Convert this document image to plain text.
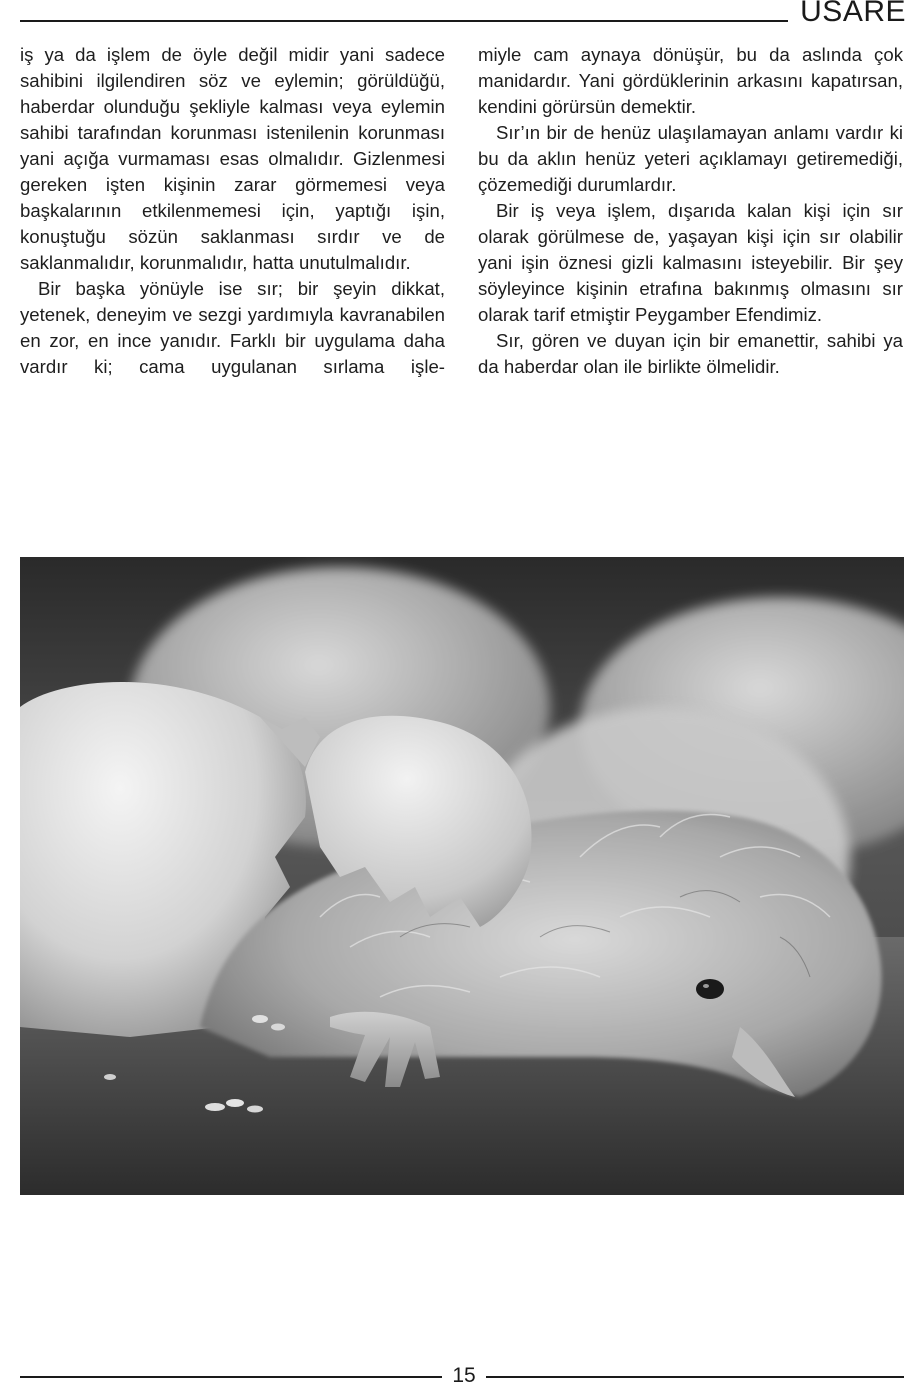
USARE

iş ya da işlem de öyle değil midir yani sadece sahibini ilgilendiren söz ve eylemin; görüldüğü, haberdar olunduğu şekliyle kalması veya eylemin sahibi tarafından korunması istenilenin korunması yani açığa vurmaması esas olmalıdır. Gizlenmesi gereken işten kişinin zarar görmemesi veya başkalarının etkilenmemesi için, yaptığı işin, konuştuğu sözün saklanması sırdır ve de saklanmalıdır, korunmalıdır, hatta unutulmalıdır.

Bir başka yönüyle ise sır; bir şeyin dikkat, yetenek, deneyim ve sezgi yardımıyla kavranabilen en zor, en ince yanıdır. Farklı bir uygulama daha vardır ki; cama uygulanan sırlama işle-

miyle cam aynaya dönüşür, bu da aslında çok manidardır. Yani gördüklerinin arkasını kapatırsan, kendini görürsün demektir.

Sır’ın bir de henüz ulaşılamayan anlamı vardır ki bu da aklın henüz yeteri açıklamayı getiremediği, çözemediği durumlardır.

Bir iş veya işlem, dışarıda kalan kişi için sır olarak görülmese de, yaşayan kişi için sır olabilir yani işin öznesi gizli kalmasını isteyebilir. Bir şey söyleyince kişinin etrafına bakınmış olmasını sır olarak tarif etmiştir Peygamber Efendimiz.

Sır, gören ve duyan için bir emanettir, sahibi ya da haberdar olan ile birlikte ölmelidir.

15
